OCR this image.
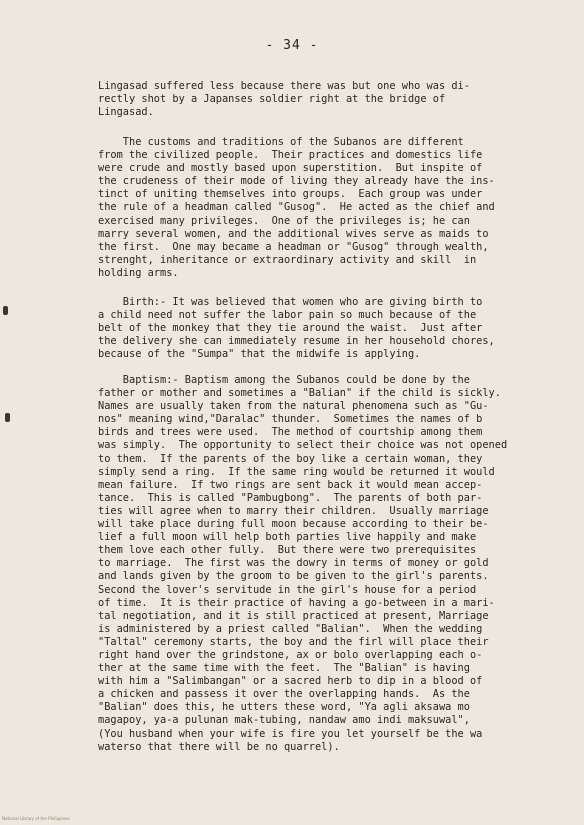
- 34 -

Lingasad suffered less because there was but one who was di-
rectly shot by a Japanses soldier right at the bridge of
Lingasad.

The customs and traditions of the Subanos are different
from the civilized people.  Their practices and domestics life
were crude and mostly based upon superstition.  But inspite of
the crudeness of their mode of living they already have the ins-
tinct of uniting themselves into groups.  Each group was under
the rule of a headman called "Gusog".  He acted as the chief and
exercised many privileges.  One of the privileges is; he can
marry several women, and the additional wives serve as maids to
the first.  One may became a headman or "Gusog" through wealth,
strenght, inheritance or extraordinary activity and skill  in
holding arms.

Birth:- It was believed that women who are giving birth to
a child need not suffer the labor pain so much because of the
belt of the monkey that they tie around the waist.  Just after
the delivery she can immediately resume in her household chores,
because of the "Sumpa" that the midwife is applying.

Baptism:- Baptism among the Subanos could be done by the
father or mother and sometimes a "Balian" if the child is sickly.
Names are usually taken from the natural phenomena such as "Gu-
nos" meaning wind,"Daralac" thunder.  Sometimes the names of b
birds and trees were used.  The method of courtship among them
was simply.  The opportunity to select their choice was not opened
to them.  If the parents of the boy like a certain woman, they
simply send a ring.  If the same ring would be returned it would
mean failure.  If two rings are sent back it would mean accep-
tance.  This is called "Pambugbong".  The parents of both par-
ties will agree when to marry their children.  Usually marriage
will take place during full moon because according to their be-
lief a full moon will help both parties live happily and make
them love each other fully.  But there were two prerequisites
to marriage.  The first was the dowry in terms of money or gold
and lands given by the groom to be given to the girl's parents.
Second the lover's servitude in the girl's house for a period
of time.  It is their practice of having a go-between in a mari-
tal negotiation, and it is still practiced at present, Marriage
is administered by a priest called "Balian".  When the wedding
"Taltal" ceremony starts, the boy and the firl will place their
right hand over the grindstone, ax or bolo overlapping each o-
ther at the same time with the feet.  The "Balian" is having
with him a "Salimbangan" or a sacred herb to dip in a blood of
a chicken and passess it over the overlapping hands.  As the
"Balian" does this, he utters these word, "Ya agli aksawa mo
magapoy, ya-a pulunan mak-tubing, nandaw amo indi maksuwal",
(You husband when your wife is fire you let yourself be the wa
waterso that there will be no quarrel).

National Library of the Philippines
